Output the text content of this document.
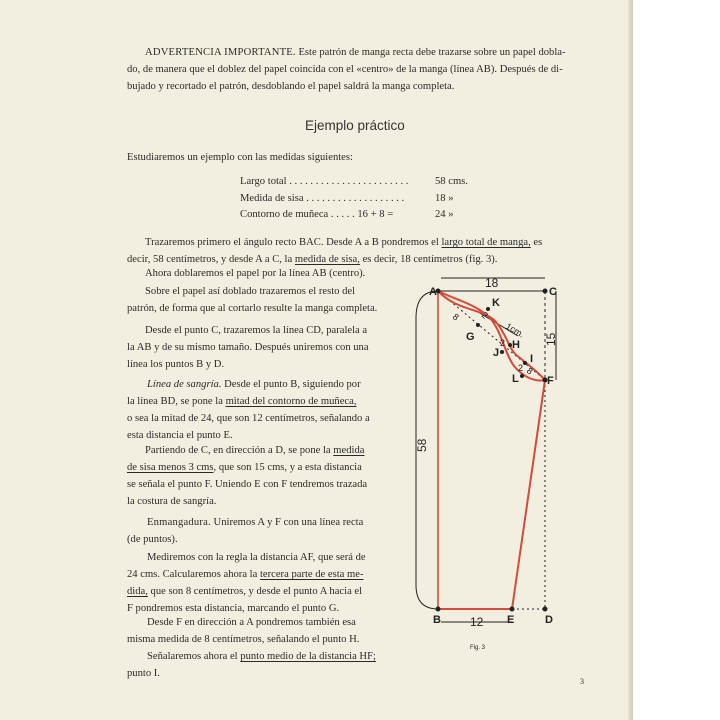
ADVERTENCIA IMPORTANTE. Este patrón de manga recta debe trazarse sobre un papel dobla-
do, de manera que el doblez del papel coincida con el «centro» de la manga (línea AB). Después de di-
bujado y recortado el patrón, desdoblando el papel saldrá la manga completa.
Ejemplo práctico
Estudiaremos un ejemplo con las medidas siguientes:
Largo total . . . . . . . . . . . . . . . . . . . . . . .	58 cms.
Medida de sisa . . . . . . . . . . . . . . . . . . .	18 »
Contorno de muñeca . . . . . 16 + 8 =	24 »
Trazaremos primero el ángulo recto BAC. Desde A a B pondremos el largo total de manga, es
decir, 58 centímetros, y desde A a C, la medida de sisa, es decir, 18 centímetros (fig. 3).
Ahora doblaremos el papel por la línea AB (centro).
Sobre el papel así doblado trazaremos el resto del
patrón, de forma que al cortarlo resulte la manga completa.
Desde el punto C, trazaremos la línea CD, paralela a
la AB y de su mismo tamaño. Después uniremos con una
línea los puntos B y D.
Línea de sangría. Desde el punto B, siguiendo por
la línea BD, se pone la mitad del contorno de muñeca,
o sea la mitad de 24, que son 12 centímetros, señalando a
esta distancia el punto E.
Partiendo de C, en dirección a D, se pone la medida
de sisa menos 3 cms, que son 15 cms, y a esta distancia
se señala el punto F. Uniendo E con F tendremos trazada
la costura de sangría.
Enmangadura. Uniremos A y F con una línea recta
(de puntos).
Mediremos con la regla la distancia AF, que será de
24 cms. Calcularemos ahora la tercera parte de esta me-
dida, que son 8 centímetros, y desde el punto A hacia el
F pondremos esta distancia, marcando el punto G.
Desde F en dirección a A pondremos también esa
misma medida de 8 centímetros, señalando el punto H.
Señalaremos ahora el punto medio de la distancia HF;
punto I.
3
A	C
B	E	D
F
G
H
I
K
J
L
18
15
58
12
8
8
2
2
2
1cm.
Fig. 3
